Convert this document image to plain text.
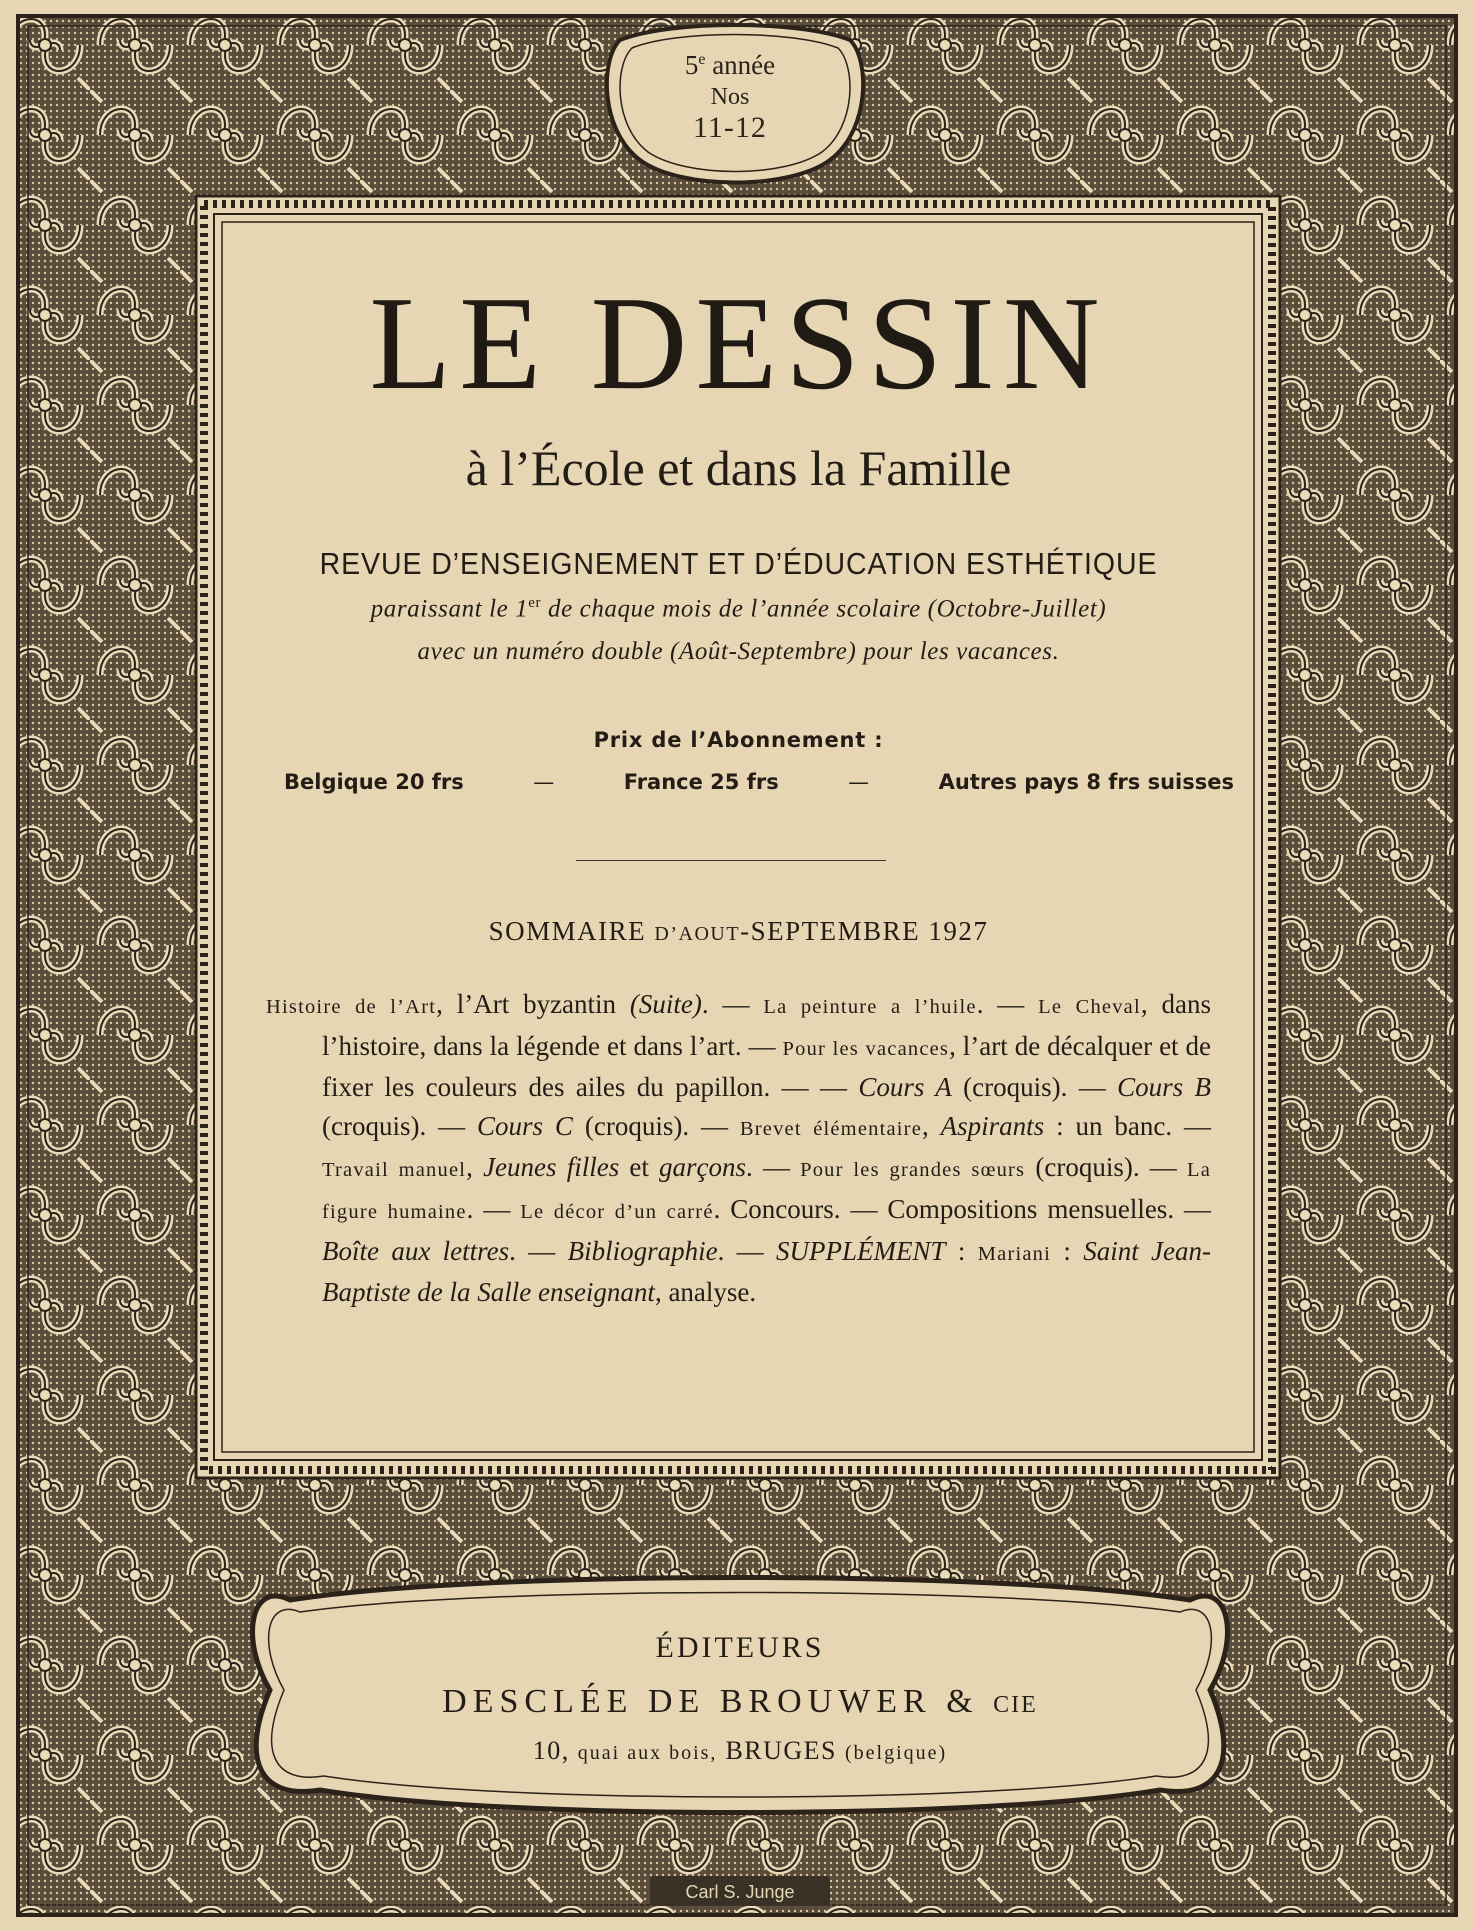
5e année
Nos
11-12
LE DESSIN
à l’École et dans la Famille
REVUE D’ENSEIGNEMENT ET D’ÉDUCATION ESTHÉTIQUE
paraissant le 1er de chaque mois de l’année scolaire (Octobre-Juillet)
avec un numéro double (Août-Septembre) pour les vacances.
Prix de l’Abonnement :
Belgique 20 frs	—	France 25 frs	—	Autres pays 8 frs suisses
SOMMAIRE D’AOUT-SEPTEMBRE 1927
Histoire de l’Art, l’Art byzantin (Suite). — La peinture a l’huile. — Le Cheval, dans l’histoire, dans la légende et dans l’art. — Pour les vacances, l’art de décalquer et de fixer les couleurs des ailes du papillon. — — Cours A (croquis). — Cours B (croquis). — Cours C (croquis). — Brevet élémentaire, Aspirants : un banc. — Travail manuel, Jeunes filles et garçons. — Pour les grandes sœurs (croquis). — La figure humaine. — Le décor d’un carré. Concours. — Compositions mensuelles. — Boîte aux lettres. — Bibliographie. — SUPPLÉMENT : Mariani : Saint Jean-Baptiste de la Salle enseignant, analyse.
ÉDITEURS
DESCLÉE DE BROUWER & CIE
10, quai aux bois, BRUGES (belgique)
Carl S. Junge
